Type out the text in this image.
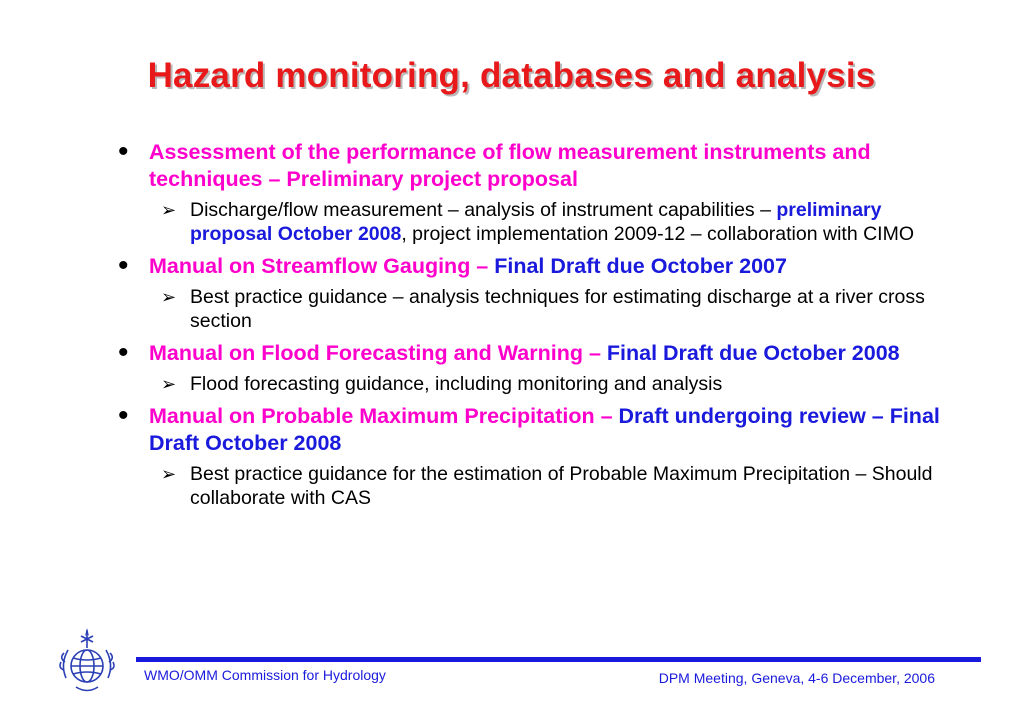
Hazard monitoring, databases and analysis
• Assessment of the performance of flow measurement instruments and techniques – Preliminary project proposal
➢ Discharge/flow measurement – analysis of instrument capabilities – preliminary proposal October 2008, project implementation 2009-12 – collaboration with CIMO
• Manual on Streamflow Gauging – Final Draft due October 2007
➢ Best practice guidance – analysis techniques for estimating discharge at a river cross section
• Manual on Flood Forecasting and Warning – Final Draft due October 2008
➢ Flood forecasting guidance, including monitoring and analysis
• Manual on Probable Maximum Precipitation – Draft undergoing review – Final Draft October 2008
➢ Best practice guidance for the estimation of Probable Maximum Precipitation – Should collaborate with CAS
WMO/OMM Commission for Hydrology	DPM Meeting, Geneva, 4-6 December, 2006
